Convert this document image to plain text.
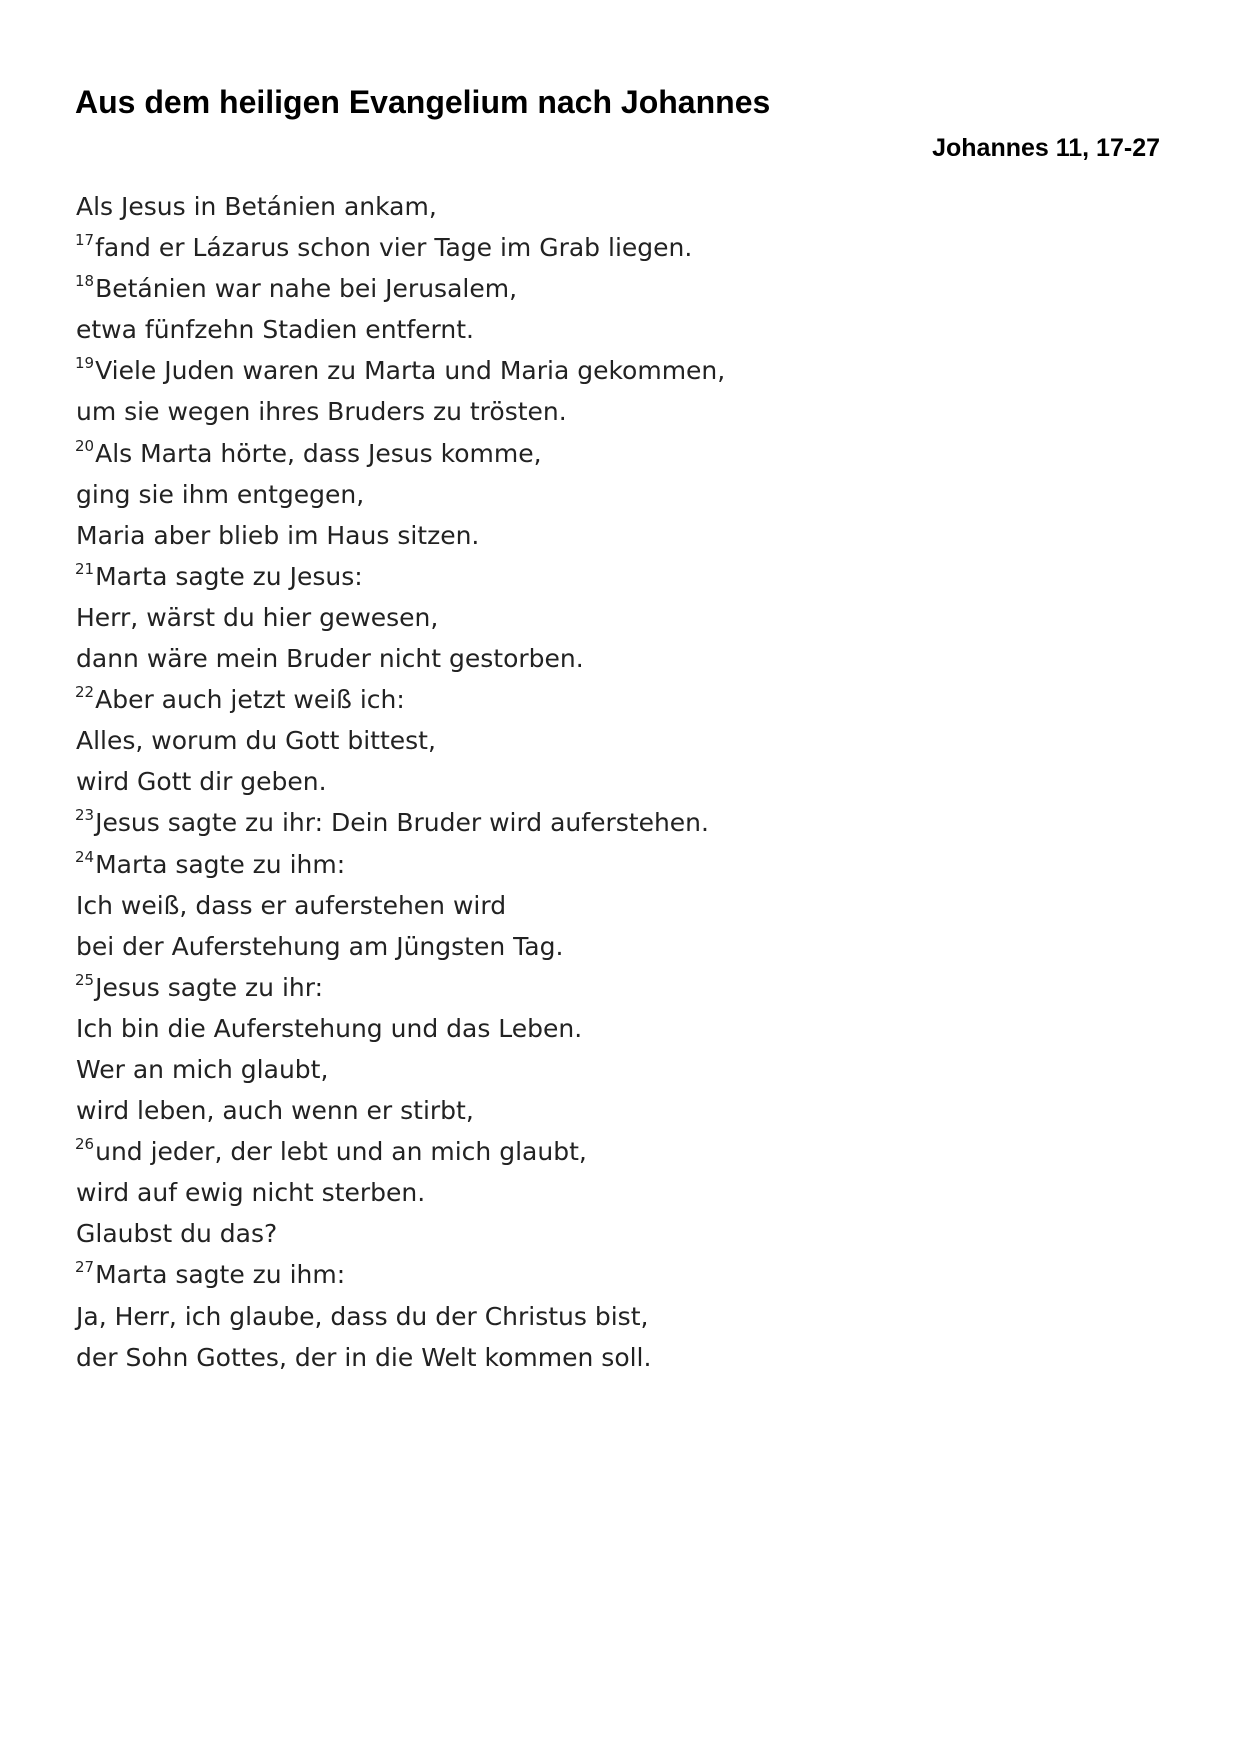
Aus dem heiligen Evangelium nach Johannes
Johannes 11, 17-27
Als Jesus in Betánien ankam,
$^{17}$fand er Lázarus schon vier Tage im Grab liegen.
$^{18}$Betánien war nahe bei Jerusalem,
etwa fünfzehn Stadien entfernt.
$^{19}$Viele Juden waren zu Marta und Maria gekommen,
um sie wegen ihres Bruders zu trösten.
$^{20}$Als Marta hörte, dass Jesus komme,
ging sie ihm entgegen,
Maria aber blieb im Haus sitzen.
$^{21}$Marta sagte zu Jesus:
Herr, wärst du hier gewesen,
dann wäre mein Bruder nicht gestorben.
$^{22}$Aber auch jetzt weiß ich:
Alles, worum du Gott bittest,
wird Gott dir geben.
$^{23}$Jesus sagte zu ihr: Dein Bruder wird auferstehen.
$^{24}$Marta sagte zu ihm:
Ich weiß, dass er auferstehen wird
bei der Auferstehung am Jüngsten Tag.
$^{25}$Jesus sagte zu ihr:
Ich bin die Auferstehung und das Leben.
Wer an mich glaubt,
wird leben, auch wenn er stirbt,
$^{26}$und jeder, der lebt und an mich glaubt,
wird auf ewig nicht sterben.
Glaubst du das?
$^{27}$Marta sagte zu ihm:
Ja, Herr, ich glaube, dass du der Christus bist,
der Sohn Gottes, der in die Welt kommen soll.
